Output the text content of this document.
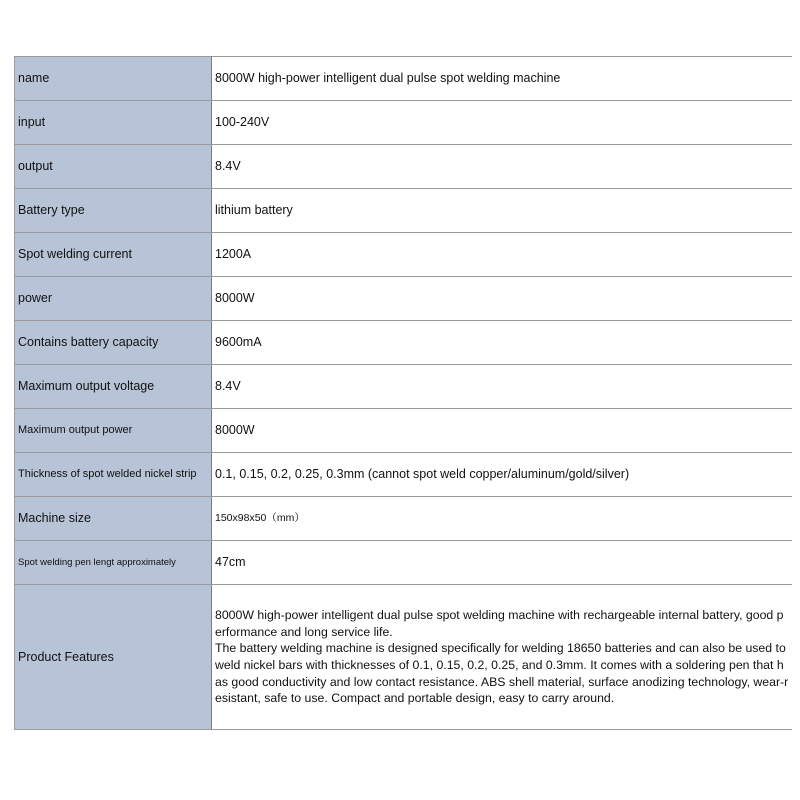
name	8000W high-power intelligent dual pulse spot welding machine
input	100-240V
output	8.4V
Battery type	lithium battery
Spot welding current	1200A
power	8000W
Contains battery capacity	9600mA
Maximum output voltage	8.4V
Maximum output power	8000W
Thickness of spot welded nickel strip	0.1, 0.15, 0.2, 0.25, 0.3mm (cannot spot weld copper/aluminum/gold/silver)
Machine size	150x98x50（mm）
Spot welding pen lengt approximately	47cm
Product Features	8000W high-power intelligent dual pulse spot welding machine with rechargeable internal battery, good performance and long service life.
The battery welding machine is designed specifically for welding 18650 batteries and can also be used to weld nickel bars with thicknesses of 0.1, 0.15, 0.2, 0.25, and 0.3mm. It comes with a soldering pen that has good conductivity and low contact resistance. ABS shell material, surface anodizing technology, wear-resistant, safe to use. Compact and portable design, easy to carry around.
